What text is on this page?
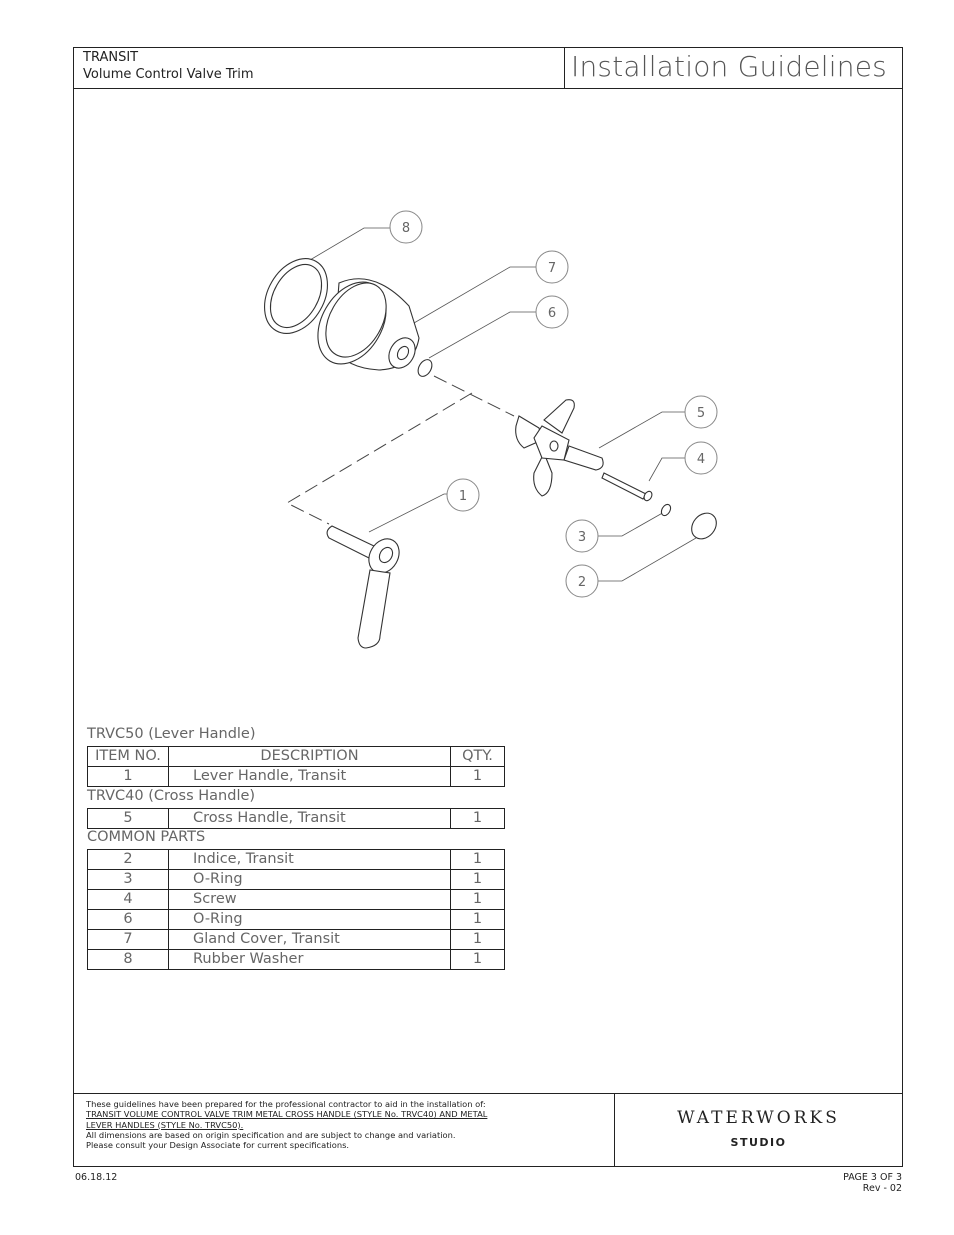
TRANSIT
Volume Control Valve Trim	Installation Guidelines
8
7
6
5
4
1
3
2
TRVC50 (Lever Handle)
ITEM NO.	DESCRIPTION	QTY.
1	Lever Handle, Transit	1
TRVC40 (Cross Handle)
5	Cross Handle, Transit	1
COMMON PARTS
2	Indice, Transit	1
3	O-Ring	1
4	Screw	1
6	O-Ring	1
7	Gland Cover, Transit	1
8	Rubber Washer	1
These guidelines have been prepared for the professional contractor to aid in the installation of:
TRANSIT VOLUME CONTROL VALVE TRIM METAL CROSS HANDLE (STYLE No. TRVC40) AND METAL
LEVER HANDLES (STYLE No. TRVC50).
All dimensions are based on origin specification and are subject to change and variation.
Please consult your Design Associate for current specifications.
WATERWORKS
STUDIO
06.18.12	PAGE 3 OF 3
Rev - 02
